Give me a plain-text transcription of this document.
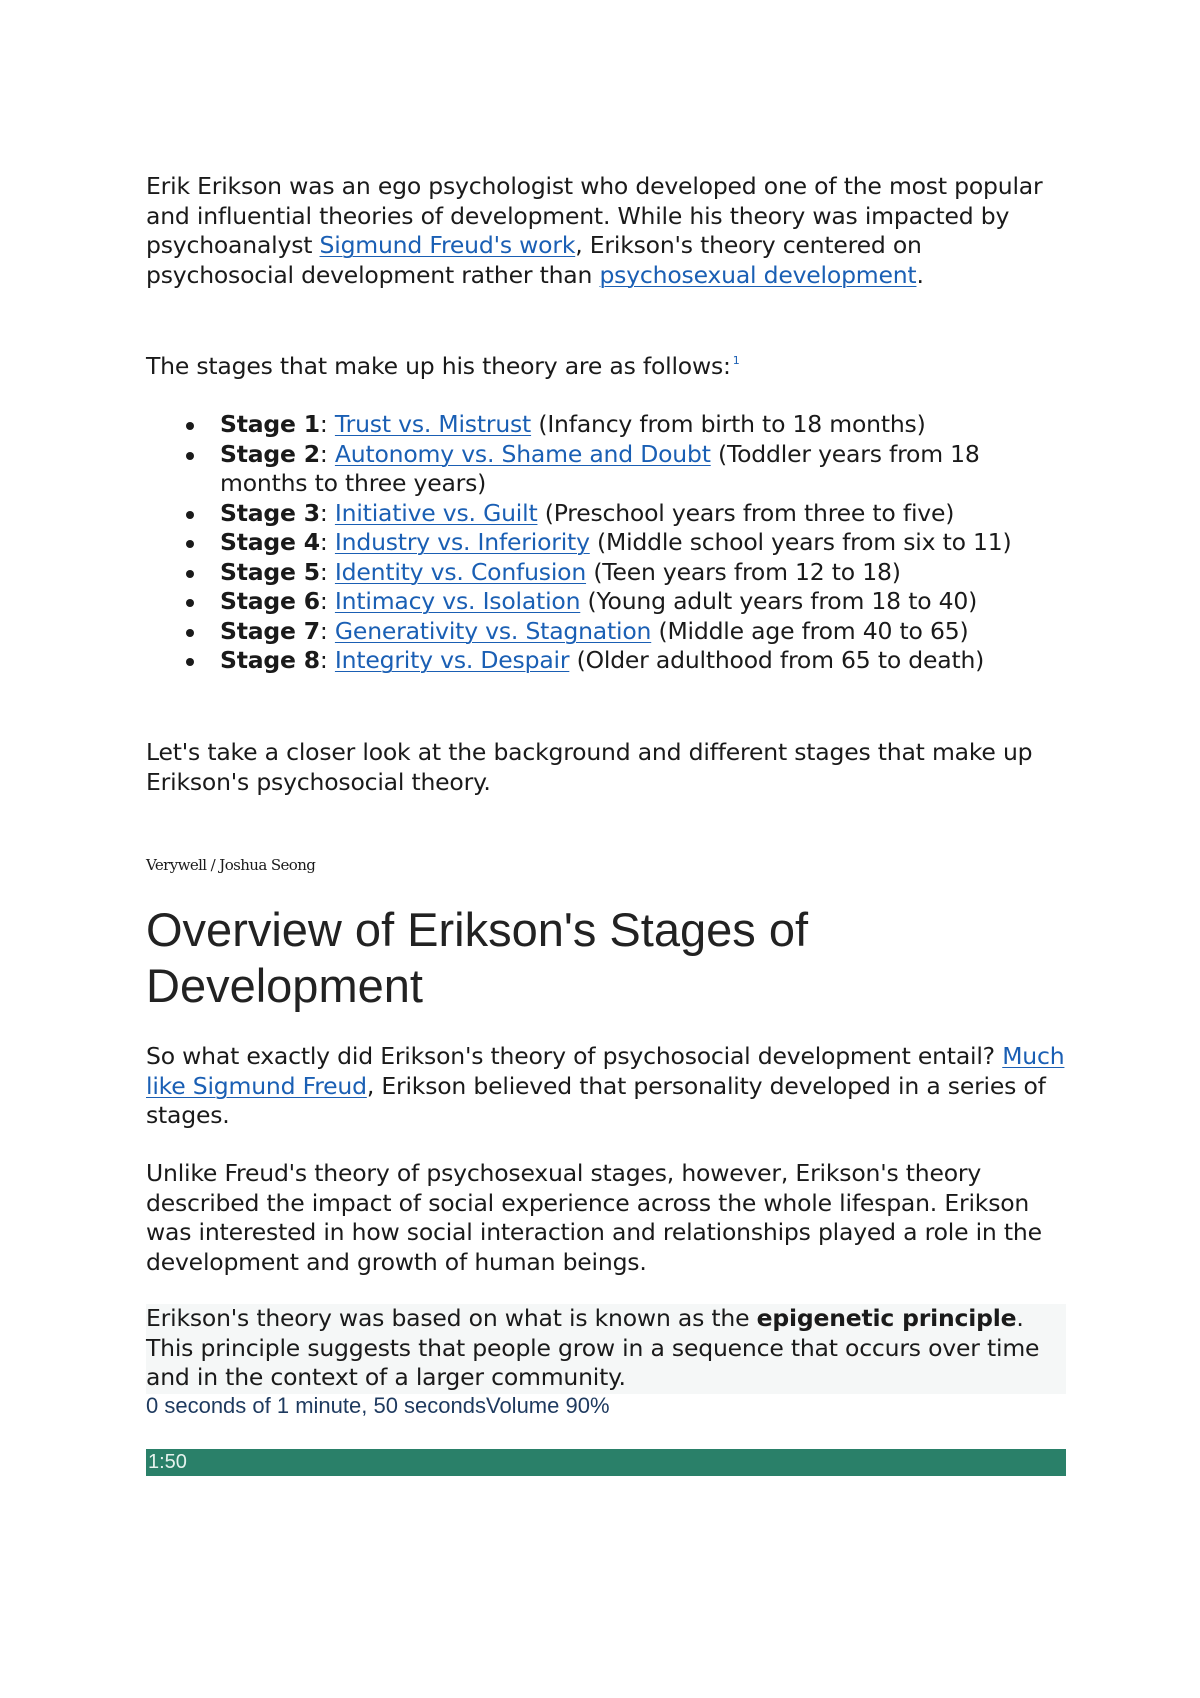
Erik Erikson was an ego psychologist who developed one of the most popular and influential theories of development. While his theory was impacted by psychoanalyst Sigmund Freud's work, Erikson's theory centered on psychosocial development rather than psychosexual development.

The stages that make up his theory are as follows: $^1$

Stage 1: Trust vs. Mistrust (Infancy from birth to 18 months)
Stage 2: Autonomy vs. Shame and Doubt (Toddler years from 18 months to three years)
Stage 3: Initiative vs. Guilt (Preschool years from three to five)
Stage 4: Industry vs. Inferiority (Middle school years from six to 11)
Stage 5: Identity vs. Confusion (Teen years from 12 to 18)
Stage 6: Intimacy vs. Isolation (Young adult years from 18 to 40)
Stage 7: Generativity vs. Stagnation (Middle age from 40 to 65)
Stage 8: Integrity vs. Despair (Older adulthood from 65 to death)

Let's take a closer look at the background and different stages that make up Erikson's psychosocial theory.

Verywell / Joshua Seong
Overview of Erikson's Stages of Development

So what exactly did Erikson's theory of psychosocial development entail? Much like Sigmund Freud, Erikson believed that personality developed in a series of stages.

Unlike Freud's theory of psychosexual stages, however, Erikson's theory described the impact of social experience across the whole lifespan. Erikson was interested in how social interaction and relationships played a role in the development and growth of human beings.

Erikson's theory was based on what is known as the epigenetic principle. This principle suggests that people grow in a sequence that occurs over time and in the context of a larger community.

0 seconds of 1 minute, 50 secondsVolume 90%
1:50
